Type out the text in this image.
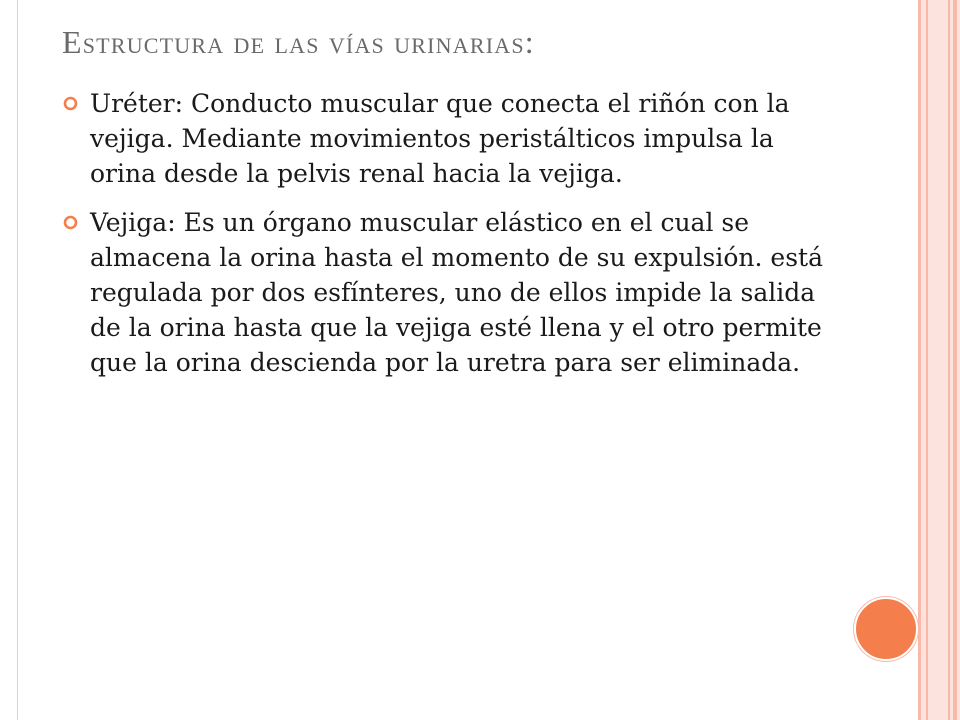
Estructura de las vías urinarias:
Uréter: Conducto muscular que conecta el riñón con la vejiga. Mediante movimientos peristálticos impulsa la orina desde la pelvis renal hacia la vejiga.
Vejiga: Es un órgano muscular elástico en el cual se almacena la orina hasta el momento de su expulsión. está regulada por dos esfínteres, uno de ellos impide la salida de la orina hasta que la vejiga esté llena y el otro permite que la orina descienda por la uretra para ser eliminada.
